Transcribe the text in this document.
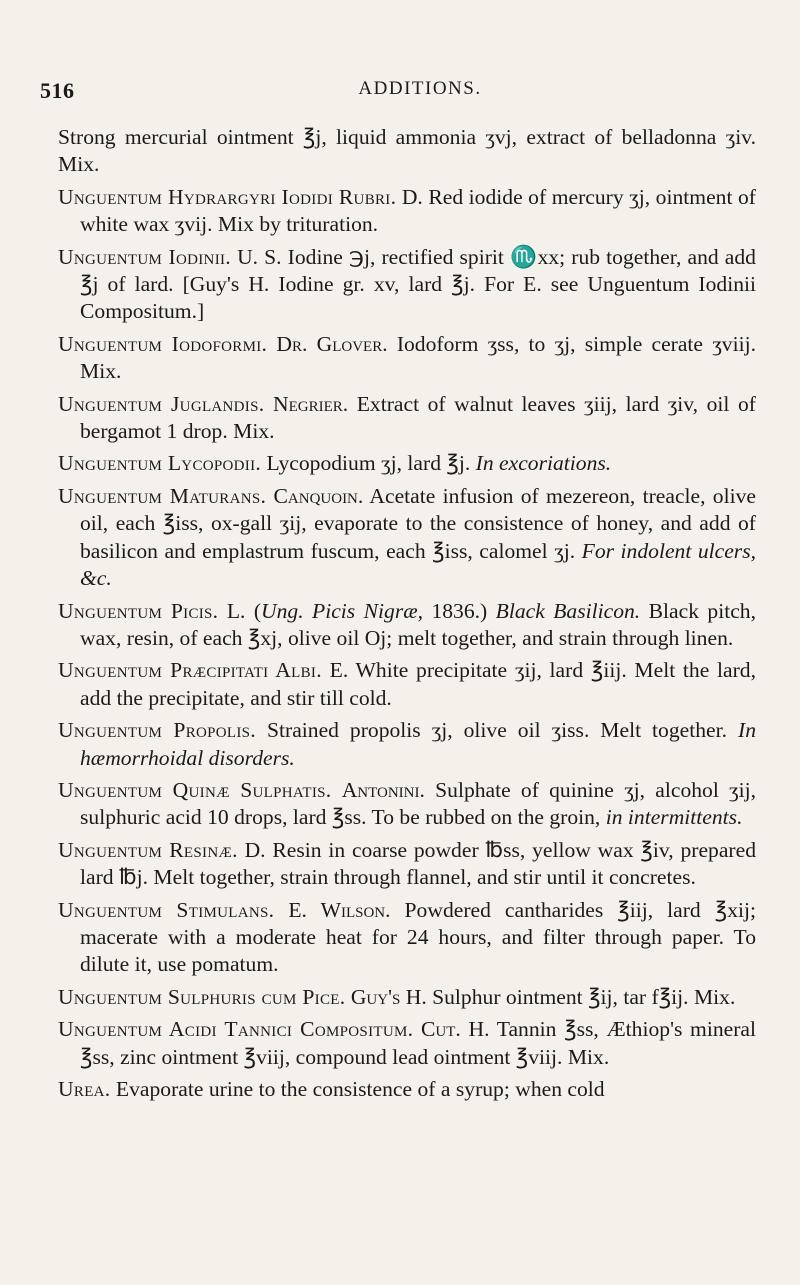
516	ADDITIONS.

Strong mercurial ointment ℥j, liquid ammonia ʒvj, extract of belladonna ʒiv. Mix.

Unguentum Hydrargyri Iodidi Rubri. D. Red iodide of mercury ʒj, ointment of white wax ʒvij. Mix by trituration.

Unguentum Iodinii. U. S. Iodine ℈j, rectified spirit ♏xx; rub together, and add ℥j of lard. [Guy's H. Iodine gr. xv, lard ℥j. For E. see Unguentum Iodinii Compositum.]

Unguentum Iodoformi. Dr. Glover. Iodoform ʒss, to ʒj, simple cerate ʒviij. Mix.

Unguentum Juglandis. Negrier. Extract of walnut leaves ʒiij, lard ʒiv, oil of bergamot 1 drop. Mix.

Unguentum Lycopodii. Lycopodium ʒj, lard ℥j. In excoriations.

Unguentum Maturans. Canquoin. Acetate infusion of mezereon, treacle, olive oil, each ℥iss, ox-gall ʒij, evaporate to the consistence of honey, and add of basilicon and emplastrum fuscum, each ℥iss, calomel ʒj. For indolent ulcers, &c.

Unguentum Picis. L. (Ung. Picis Nigræ, 1836.) Black Basilicon. Black pitch, wax, resin, of each ℥xj, olive oil Oj; melt together, and strain through linen.

Unguentum Præcipitati Albi. E. White precipitate ʒij, lard ℥iij. Melt the lard, add the precipitate, and stir till cold.

Unguentum Propolis. Strained propolis ʒj, olive oil ʒiss. Melt together. In hæmorrhoidal disorders.

Unguentum Quinæ Sulphatis. Antonini. Sulphate of quinine ʒj, alcohol ʒij, sulphuric acid 10 drops, lard ℥ss. To be rubbed on the groin, in intermittents.

Unguentum Resinæ. D. Resin in coarse powder ℔ss, yellow wax ℥iv, prepared lard ℔j. Melt together, strain through flannel, and stir until it concretes.

Unguentum Stimulans. E. Wilson. Powdered cantharides ℥iij, lard ℥xij; macerate with a moderate heat for 24 hours, and filter through paper. To dilute it, use pomatum.

Unguentum Sulphuris cum Pice. Guy's H. Sulphur ointment ℥ij, tar f℥ij. Mix.

Unguentum Acidi Tannici Compositum. Cut. H. Tannin ℥ss, Æthiop's mineral ℥ss, zinc ointment ℥viij, compound lead ointment ℥viij. Mix.

Urea. Evaporate urine to the consistence of a syrup; when cold
